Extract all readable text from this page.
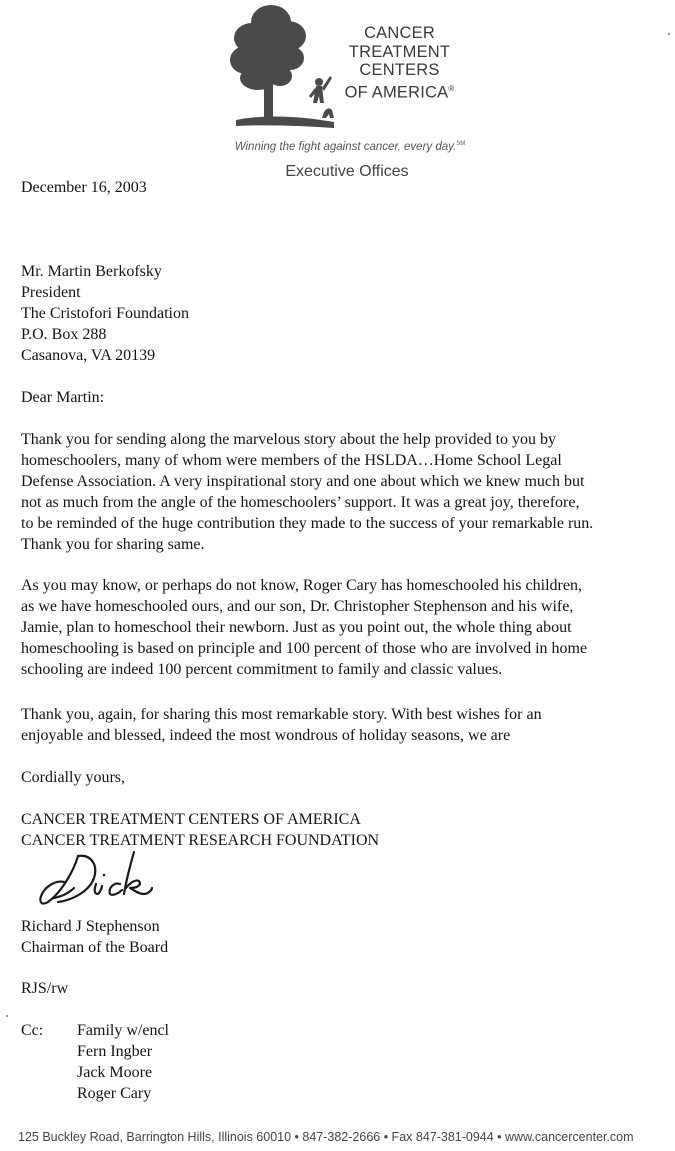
CANCER
TREATMENT
CENTERS
OF AMERICA®
Winning the fight against cancer, every day.℠
Executive Offices
December 16, 2003
Mr. Martin Berkofsky
President
The Cristofori Foundation
P.O. Box 288
Casanova, VA 20139
Dear Martin:
Thank you for sending along the marvelous story about the help provided to you by
homeschoolers, many of whom were members of the HSLDA…Home School Legal
Defense Association. A very inspirational story and one about which we knew much but
not as much from the angle of the homeschoolers’ support. It was a great joy, therefore,
to be reminded of the huge contribution they made to the success of your remarkable run.
Thank you for sharing same.
As you may know, or perhaps do not know, Roger Cary has homeschooled his children,
as we have homeschooled ours, and our son, Dr. Christopher Stephenson and his wife,
Jamie, plan to homeschool their newborn. Just as you point out, the whole thing about
homeschooling is based on principle and 100 percent of those who are involved in home
schooling are indeed 100 percent commitment to family and classic values.
Thank you, again, for sharing this most remarkable story. With best wishes for an
enjoyable and blessed, indeed the most wondrous of holiday seasons, we are
Cordially yours,
CANCER TREATMENT CENTERS OF AMERICA
CANCER TREATMENT RESEARCH FOUNDATION
Richard J Stephenson
Chairman of the Board
RJS/rw
Cc: Family w/encl
Fern Ingber
Jack Moore
Roger Cary
125 Buckley Road, Barrington Hills, Illinois 60010 • 847-382-2666 • Fax 847-381-0944 • www.cancercenter.com
